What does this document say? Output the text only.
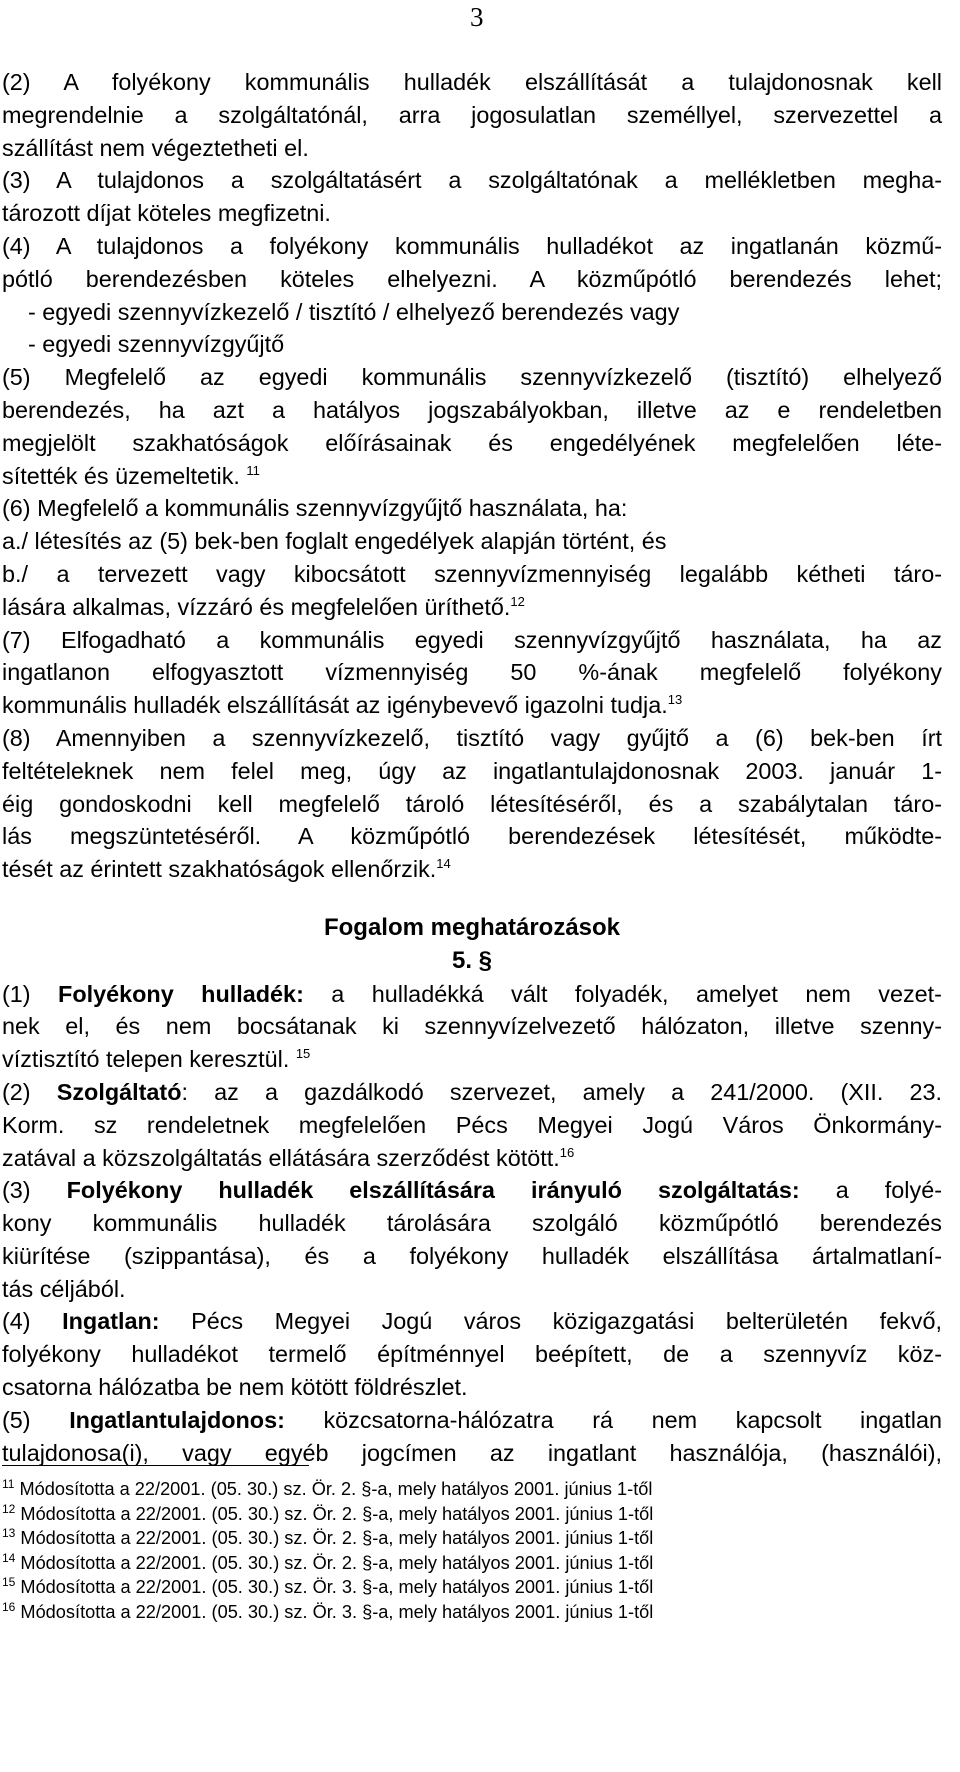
3
(2) A folyékony kommunális hulladék elszállítását a tulajdonosnak kell
megrendelnie a szolgáltatónál, arra jogosulatlan személlyel, szervezettel a
szállítást nem végeztetheti el.
(3) A tulajdonos a szolgáltatásért a szolgáltatónak a mellékletben megha-
tározott díjat köteles megfizetni.
(4) A tulajdonos a folyékony kommunális hulladékot az ingatlanán közmű-
pótló berendezésben köteles elhelyezni. A közműpótló berendezés lehet;
- egyedi szennyvízkezelő / tisztító / elhelyező berendezés vagy
- egyedi szennyvízgyűjtő
(5) Megfelelő az egyedi kommunális szennyvízkezelő (tisztító) elhelyező
berendezés, ha azt a hatályos jogszabályokban, illetve az e rendeletben
megjelölt szakhatóságok előírásainak és engedélyének megfelelően léte-
sítették és üzemeltetik. $^{11}$
(6) Megfelelő a kommunális szennyvízgyűjtő használata, ha:
a./ létesítés az (5) bek-ben foglalt engedélyek alapján történt, és
b./ a tervezett vagy kibocsátott szennyvízmennyiség legalább kétheti táro-
lására alkalmas, vízzáró és megfelelően üríthető.$^{12}$
(7) Elfogadható a kommunális egyedi szennyvízgyűjtő használata, ha az
ingatlanon elfogyasztott vízmennyiség 50 %-ának megfelelő folyékony
kommunális hulladék elszállítását az igénybevevő igazolni tudja.$^{13}$
(8) Amennyiben a szennyvízkezelő, tisztító vagy gyűjtő a (6) bek-ben írt
feltételeknek nem felel meg, úgy az ingatlantulajdonosnak 2003. január 1-
éig gondoskodni kell megfelelő tároló létesítéséről, és a szabálytalan táro-
lás megszüntetéséről. A közműpótló berendezések létesítését, működte-
tését az érintett szakhatóságok ellenőrzik.$^{14}$
Fogalom meghatározások
5. §
(1) Folyékony hulladék: a hulladékká vált folyadék, amelyet nem vezet-
nek el, és nem bocsátanak ki szennyvízelvezető hálózaton, illetve szenny-
víztisztító telepen keresztül. $^{15}$
(2) Szolgáltató: az a gazdálkodó szervezet, amely a 241/2000. (XII. 23.
Korm. sz rendeletnek megfelelően Pécs Megyei Jogú Város Önkormány-
zatával a közszolgáltatás ellátására szerződést kötött.$^{16}$
(3) Folyékony hulladék elszállítására irányuló szolgáltatás: a folyé-
kony kommunális hulladék tárolására szolgáló közműpótló berendezés
kiürítése (szippantása), és a folyékony hulladék elszállítása ártalmatlaní-
tás céljából.
(4) Ingatlan: Pécs Megyei Jogú város közigazgatási belterületén fekvő,
folyékony hulladékot termelő építménnyel beépített, de a szennyvíz köz-
csatorna hálózatba be nem kötött földrészlet.
(5) Ingatlantulajdonos: közcsatorna-hálózatra rá nem kapcsolt ingatlan
tulajdonosa(i), vagy egyéb jogcímen az ingatlant használója, (használói),
$^{11}$ Módosította a 22/2001. (05. 30.) sz. Ör. 2. §-a, mely hatályos 2001. június 1-től
$^{12}$ Módosította a 22/2001. (05. 30.) sz. Ör. 2. §-a, mely hatályos 2001. június 1-től
$^{13}$ Módosította a 22/2001. (05. 30.) sz. Ör. 2. §-a, mely hatályos 2001. június 1-től
$^{14}$ Módosította a 22/2001. (05. 30.) sz. Ör. 2. §-a, mely hatályos 2001. június 1-től
$^{15}$ Módosította a 22/2001. (05. 30.) sz. Ör. 3. §-a, mely hatályos 2001. június 1-től
$^{16}$ Módosította a 22/2001. (05. 30.) sz. Ör. 3. §-a, mely hatályos 2001. június 1-től
